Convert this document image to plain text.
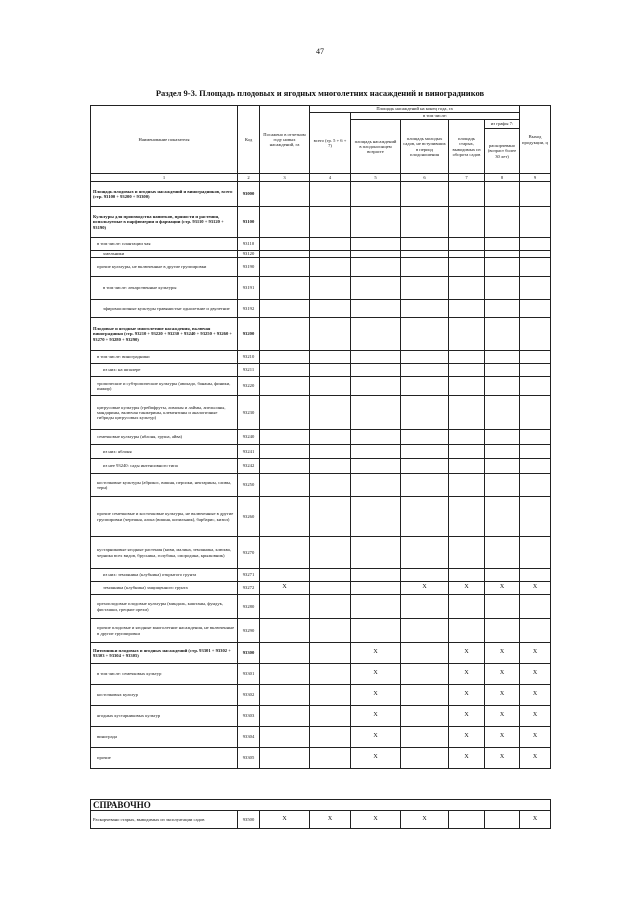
47
Раздел 9-3. Площадь плодовых и ягодных многолетних насаждений и виноградников
Наименование показателя	Код	Посажено в отчетном году новых насаждений, га	Площадь насаждений на конец года, га					Выход продукции, ц
			всего (гр. 5 + 6 + 7)	в том числе:				
				площадь насаждений в плодоносящем возрасте	площадь молодых садов, не вступивших в период плодоношения	площадь старых, выводимых из оборота садов	из графы 7:	
							раскорчевано (возраст более 30 лет)	
1	2	3	4	5	6	7	8	9
Площадь плодовых и ягодных насаждений и виноградников, всего (стр. 93100 + 93200 + 93300)	93000							
Культуры для производства напитков, пряности и растения, используемые в парфюмерии и фармации (стр. 93110 + 93120 + 93190)	93100							
в том числе: плантации чая	93110							
хмельники	93120							
прочие культуры, не включенные в другие группировки	93190							
в том числе: лекарственные культуры	93191							
эфиромасличные культуры травянистые однолетние и двулетние	93192							
Плодовые и ягодные многолетние насаждения, включая виноградники (стр. 93210 + 93220 + 93230 + 93240 + 93250 + 93260 + 93270 + 93280 + 93290)	93200							
в том числе: виноградники	93210							
из них: на шпалере	93211							
тропические и субтропические культуры (авокадо, бананы, финики, инжир)	93220							
цитрусовые культуры (грейпфруты, лимоны и лаймы, апельсины, мандарины, включая танжерины, клементины и аналогичные гибриды цитрусовых культур)	93230							
семечковые культуры (яблоня, груша, айва)	93240							
из них: яблоня	93241							
из нее 93240: сады интенсивного типа	93242							
косточковые культуры (абрикос, вишня, персики, нектарины, сливы, терн)	93250							
прочие семечковые и косточковые культуры, не включенные в другие группировки (черешня, альча (вишня, кизильник), барбарис, кизил)	93260							
кустарниковые ягодные растения (киви, малина, земляника, клюква, черника всех видов, брусника, голубика, смородина, крыжовник)	93270							
из них: земляника (клубника) открытого грунта	93271							
земляника (клубника) защищенного грунта	93272	X			X	X	X	X
орехоплодовые плодовые культуры (миндаль, каштаны, фундук, фисташки, грецкие орехи)	93280							
прочие плодовые и ягодные многолетние насаждения, не включенные в другие группировки	93290							
Питомники плодовых и ягодных насаждений (стр. 93301 + 93302 + 93303 + 93304 + 93305)	93300			X		X	X	X
в том числе: семечковых культур	93301			X		X	X	X
косточковых культур	93302			X		X	X	X
ягодных кустарниковых культур	93303			X		X	X	X
винограда	93304			X		X	X	X
прочие	93305			X		X	X	X
СПРАВОЧНО
Раскорчевано старых, выводимых из эксплуатации садов	93500	X	X	X	X			X
